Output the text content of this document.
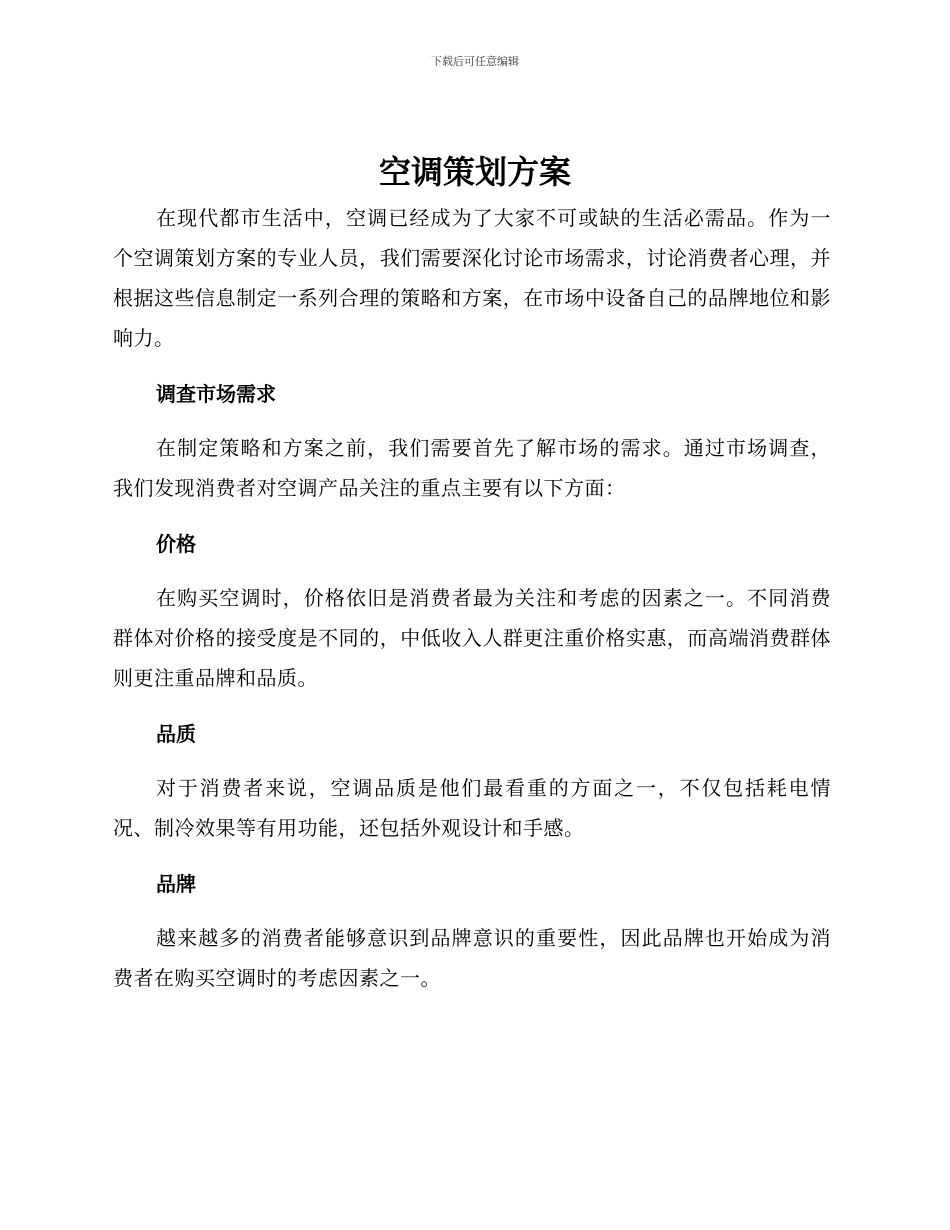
下载后可任意编辑
空调策划方案

在现代都市生活中，空调已经成为了大家不可或缺的生活必需品。作为一个空调策划方案的专业人员，我们需要深化讨论市场需求，讨论消费者心理，并根据这些信息制定一系列合理的策略和方案，在市场中设备自己的品牌地位和影响力。

调查市场需求

在制定策略和方案之前，我们需要首先了解市场的需求。通过市场调查，我们发现消费者对空调产品关注的重点主要有以下方面：

价格

在购买空调时，价格依旧是消费者最为关注和考虑的因素之一。不同消费群体对价格的接受度是不同的，中低收入人群更注重价格实惠，而高端消费群体则更注重品牌和品质。

品质

对于消费者来说，空调品质是他们最看重的方面之一，不仅包括耗电情况、制冷效果等有用功能，还包括外观设计和手感。

品牌

越来越多的消费者能够意识到品牌意识的重要性，因此品牌也开始成为消费者在购买空调时的考虑因素之一。
